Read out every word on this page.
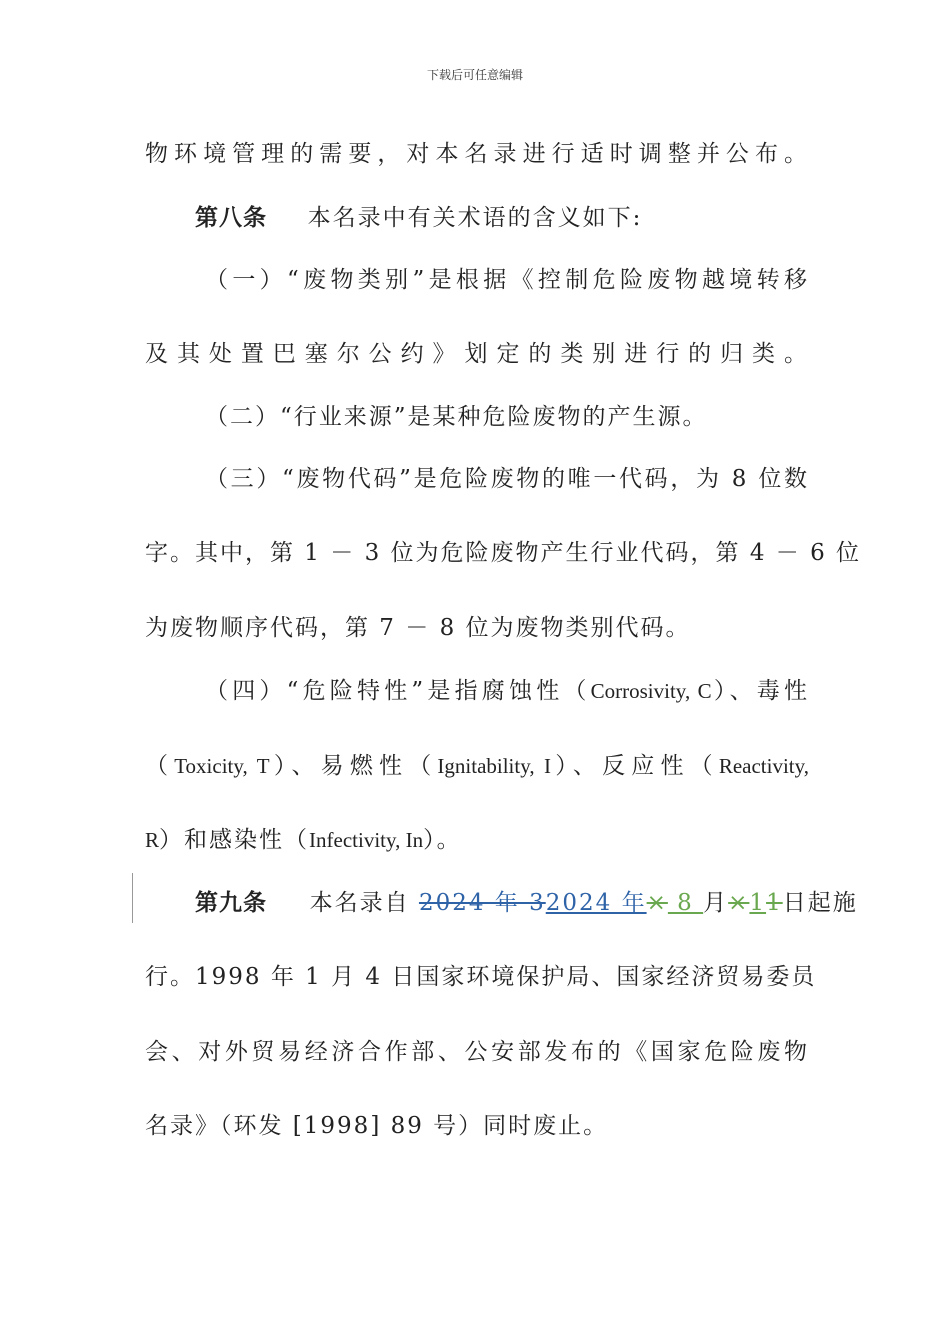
下载后可任意编辑
物环境管理的需要，对本名录进行适时调整并公布。
第八条 本名录中有关术语的含义如下:
（一）“废物类别”是根据《控制危险废物越境转移
及其处置巴塞尔公约》划定的类别进行的归类。
（二）“行业来源”是某种危险废物的产生源。
（三）“废物代码”是危险废物的唯一代码，为 8 位数
字。其中，第 1 － 3 位为危险废物产生行业代码，第 4 － 6 位
为废物顺序代码，第 7 － 8 位为废物类别代码。
（四）“危险特性”是指腐蚀性（Corrosivity, C）、毒性
（Toxicity, T）、易燃性（Ignitability, I）、反应性（Reactivity,
R）和感染性（Infectivity, In）。
第九条 本名录自 2024 年 32024 年× 8 月×11日起施
行。1998 年 1 月 4 日国家环境保护局、国家经济贸易委员
会、对外贸易经济合作部、公安部发布的《国家危险废物
名录》（环发 [1998] 89 号）同时废止。
